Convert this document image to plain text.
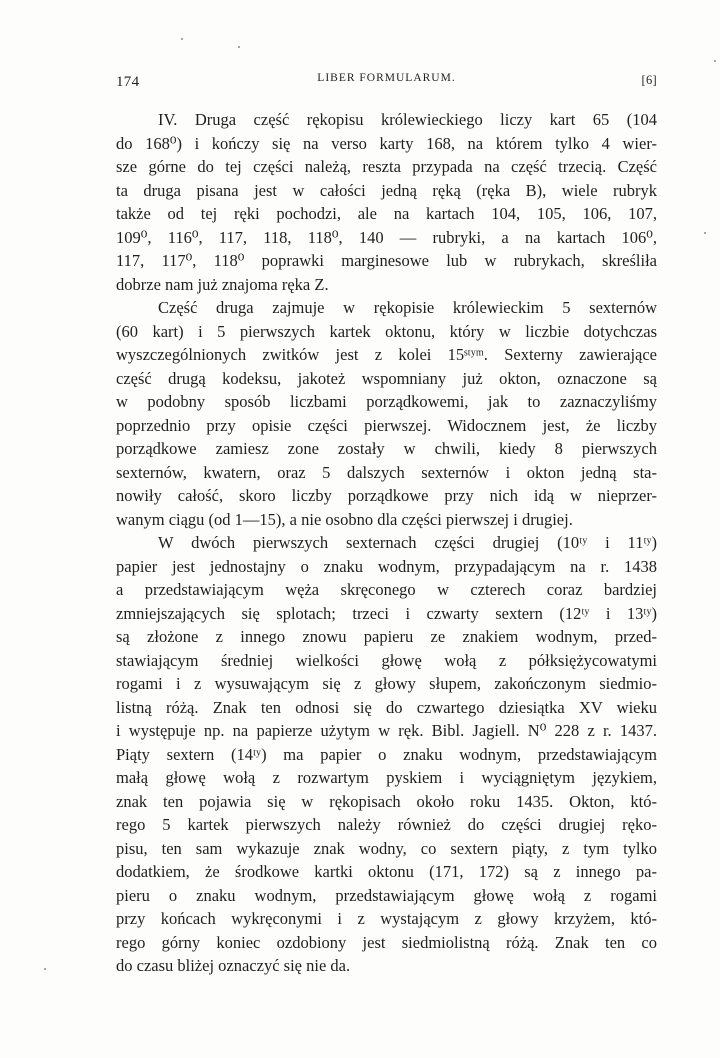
174	LIBER FORMULARUM.	[6]
IV. Druga część rękopisu królewieckiego liczy kart 65 (104
do 168⁰) i kończy się na verso karty 168, na którem tylko 4 wier-
sze górne do tej części należą, reszta przypada na część trzecią. Część
ta druga pisana jest w całości jedną ręką (ręka B), wiele rubryk
także od tej ręki pochodzi, ale na kartach 104, 105, 106, 107,
109⁰, 116⁰, 117, 118, 118⁰, 140 — rubryki, a na kartach 106⁰,
117, 117⁰, 118⁰ poprawki marginesowe lub w rubrykach, skreśliła
dobrze nam już znajoma ręka Z.
Część druga zajmuje w rękopisie królewieckim 5 sexternów
(60 kart) i 5 pierwszych kartek oktonu, który w liczbie dotychczas
wyszczególnionych zwitków jest z kolei 15ˢᵗʸᵐ. Sexterny zawierające
część drugą kodeksu, jakoteż wspomniany już okton, oznaczone są
w podobny sposób liczbami porządkowemi, jak to zaznaczyliśmy
poprzednio przy opisie części pierwszej. Widocznem jest, że liczby
porządkowe zamiesz zone zostały w chwili, kiedy 8 pierwszych
sexternów, kwatern, oraz 5 dalszych sexternów i okton jedną sta-
nowiły całość, skoro liczby porządkowe przy nich idą w nieprzer-
wanym ciągu (od 1—15), a nie osobno dla części pierwszej i drugiej.
W dwóch pierwszych sexternach części drugiej (10ᵗʸ i 11ᵗʸ)
papier jest jednostajny o znaku wodnym, przypadającym na r. 1438
a przedstawiającym węża skręconego w czterech coraz bardziej
zmniejszających się splotach; trzeci i czwarty sextern (12ᵗʸ i 13ᵗʸ)
są złożone z innego znowu papieru ze znakiem wodnym, przed-
stawiającym średniej wielkości głowę wołą z półksiężycowatymi
rogami i z wysuwającym się z głowy słupem, zakończonym siedmio-
listną różą. Znak ten odnosi się do czwartego dziesiątka XV wieku
i występuje np. na papierze użytym w ręk. Bibl. Jagiell. N⁰ 228 z r. 1437.
Piąty sextern (14ᵗʸ) ma papier o znaku wodnym, przedstawiającym
małą głowę wołą z rozwartym pyskiem i wyciągniętym językiem,
znak ten pojawia się w rękopisach około roku 1435. Okton, któ-
rego 5 kartek pierwszych należy również do części drugiej ręko-
pisu, ten sam wykazuje znak wodny, co sextern piąty, z tym tylko
dodatkiem, że środkowe kartki oktonu (171, 172) są z innego pa-
pieru o znaku wodnym, przedstawiającym głowę wołą z rogami
przy końcach wykręconymi i z wystającym z głowy krzyżem, któ-
rego górny koniec ozdobiony jest siedmiolistną różą. Znak ten co
do czasu bliżej oznaczyć się nie da.
